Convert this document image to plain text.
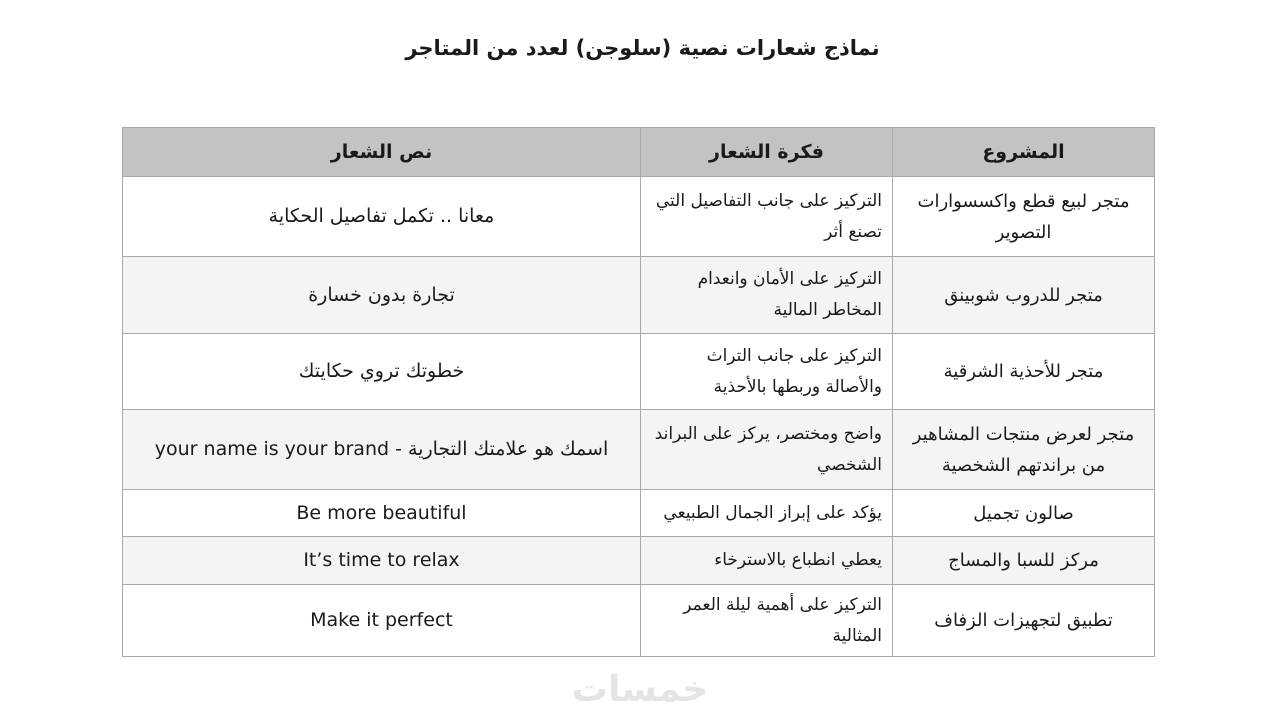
نماذج شعارات نصية (سلوجن) لعدد من المتاجر
المشروع	فكرة الشعار	نص الشعار
متجر لبيع قطع واكسسوارات التصوير	التركيز على جانب التفاصيل التي تصنع أثر	معانا .. تكمل تفاصيل الحكاية
متجر للدروب شوبينق	التركيز على الأمان وانعدام المخاطر المالية	تجارة بدون خسارة
متجر للأحذية الشرقية	التركيز على جانب التراث والأصالة وربطها بالأحذية	خطوتك تروي حكايتك
متجر لعرض منتجات المشاهير من براندتهم الشخصية	واضح ومختصر، يركز على البراند الشخصي	اسمك هو علامتك التجارية - your name is your brand
صالون تجميل	يؤكد على إبراز الجمال الطبيعي	Be more beautiful
مركز للسبا والمساج	يعطي انطباع بالاسترخاء	It’s time to relax
تطبيق لتجهيزات الزفاف	التركيز على أهمية ليلة العمر المثالية	Make it perfect
خمسات
